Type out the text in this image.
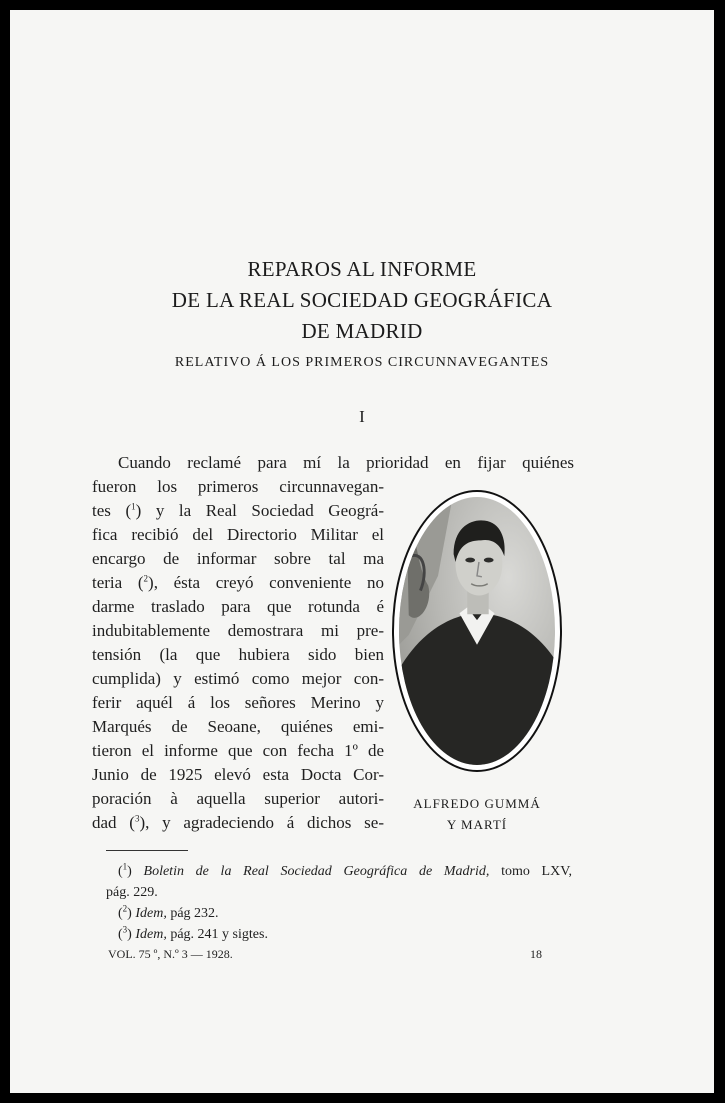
REPAROS AL INFORME
DE LA REAL SOCIEDAD GEOGRÁFICA
DE MADRID
RELATIVO Á LOS PRIMEROS CIRCUNNAVEGANTES
I
Cuando reclamé para mí la prioridad en fijar quiénes
fueron los primeros circunnavegan-
tes ($^1$) y la Real Sociedad Geográ-
fica recibió del Directorio Militar el
encargo de informar sobre tal ma
teria ($^2$), ésta creyó conveniente no
darme traslado para que rotunda é
indubitablemente demostrara mi pre-
tensión (la que hubiera sido bien
cumplida) y estimó como mejor con-
ferir aquél á los señores Merino y
Marqués de Seoane, quiénes emi-
tieron el informe que con fecha 1º de
Junio de 1925 elevó esta Docta Cor-
poración à aquella superior autori-
dad ($^3$), y agradeciendo á dichos se-
ALFREDO GUMMÁ
Y MARTÍ
($^1$) Boletin de la Real Sociedad Geográfica de Madrid, tomo LXV,
pág. 229.
($^2$) Idem, pág 232.
($^3$) Idem, pág. 241 y sigtes.
VOL. 75 º, N.º 3 — 1928.	18
